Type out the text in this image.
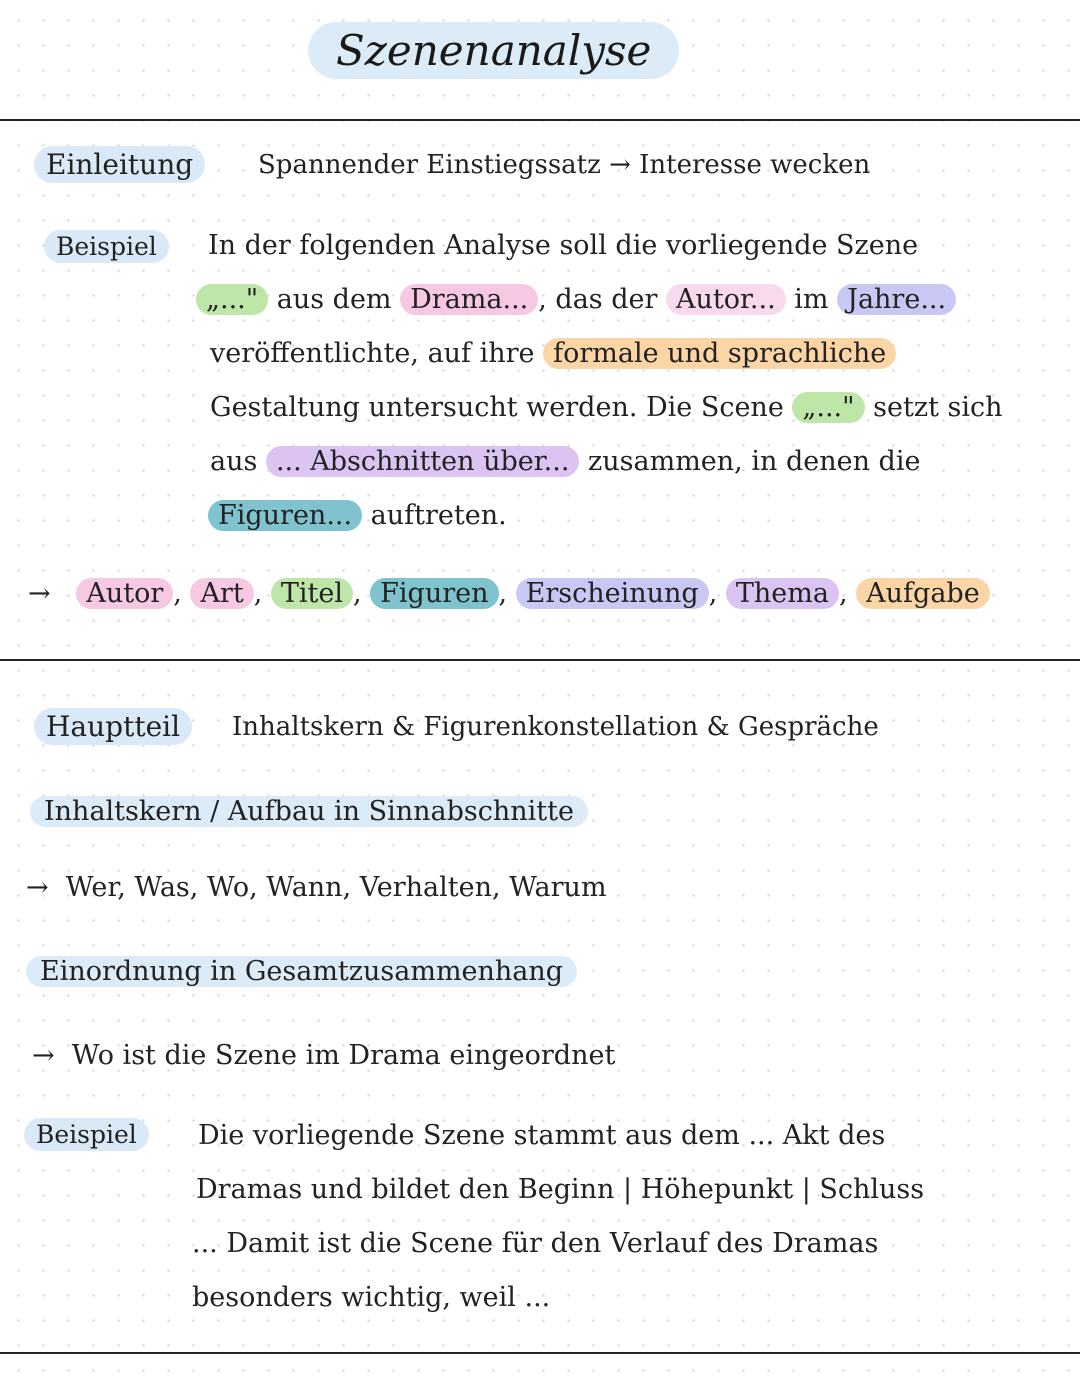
Szenenanalyse
Einleitung	Spannender Einstiegssatz → Interesse wecken
Beispiel	In der folgenden Analyse soll die vorliegende Szene
„..." aus dem Drama... , das der Autor... im Jahre...
veröffentlichte, auf ihre formale und sprachliche
Gestaltung untersucht werden. Die Scene „..." setzt sich
aus ... Abschnitten über... zusammen, in denen die
Figuren... auftreten.
→ Autor , Art , Titel , Figuren , Erscheinung , Thema , Aufgabe
Hauptteil	Inhaltskern & Figurenkonstellation & Gespräche
Inhaltskern / Aufbau in Sinnabschnitte
→ Wer, Was, Wo, Wann, Verhalten, Warum
Einordnung in Gesamtzusammenhang
→ Wo ist die Szene im Drama eingeordnet
Beispiel	Die vorliegende Szene stammt aus dem ... Akt des
Dramas und bildet den Beginn | Höhepunkt | Schluss
... Damit ist die Scene für den Verlauf des Dramas
besonders wichtig, weil ...
